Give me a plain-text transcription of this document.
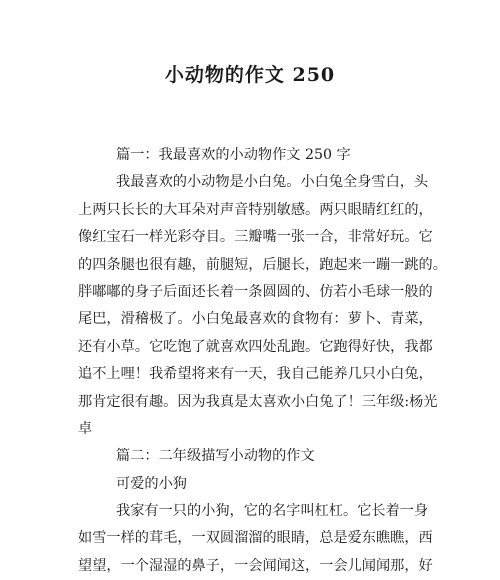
小动物的作文 250
篇一：我最喜欢的小动物作文 250 字
我最喜欢的小动物是小白兔。小白兔全身雪白，头
上两只长长的大耳朵对声音特别敏感。两只眼睛红红的，
像红宝石一样光彩夺目。三瓣嘴一张一合，非常好玩。它
的四条腿也很有趣，前腿短，后腿长，跑起来一蹦一跳的。
胖嘟嘟的身子后面还长着一条圆圆的、仿若小毛球一般的
尾巴，滑稽极了。小白兔最喜欢的食物有：萝卜、青菜，
还有小草。它吃饱了就喜欢四处乱跑。它跑得好快，我都
追不上哩！我希望将来有一天，我自己能养几只小白兔，
那肯定很有趣。因为我真是太喜欢小白兔了！三年级:杨光
卓
篇二：二年级描写小动物的作文
可爱的小狗
我家有一只的小狗，它的名字叫杠杠。它长着一身
如雪一样的茸毛，一双圆溜溜的眼睛，总是爱东瞧瞧，西
望望，一个湿湿的鼻子，一会闻闻这，一会儿闻闻那，好
